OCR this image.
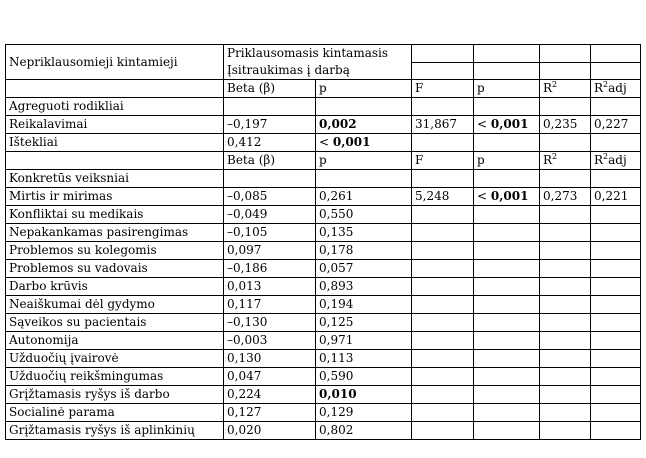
Nepriklausomieji kintamieji	Priklausomasis kintamasis					
	Įsitraukimas į darbą					
	Beta (β)	p	F	p	$R^2$	$R^2adj$
Agreguoti rodikliai						
Reikalavimai	–0,197	0,002	31,867	< 0,001	0,235	0,227
Ištekliai	0,412	< 0,001				
	Beta (β)	p	F	p	$R^2$	$R^2adj$
Konkretūs veiksniai						
Mirtis ir mirimas	–0,085	0,261	5,248	< 0,001	0,273	0,221
Konfliktai su medikais	–0,049	0,550				
Nepakankamas pasirengimas	–0,105	0,135				
Problemos su kolegomis	0,097	0,178				
Problemos su vadovais	–0,186	0,057				
Darbo krūvis	0,013	0,893				
Neaiškumai dėl gydymo	0,117	0,194				
Sąveikos su pacientais	–0,130	0,125				
Autonomija	–0,003	0,971				
Užduočių įvairovė	0,130	0,113				
Užduočių reikšmingumas	0,047	0,590				
Grįžtamasis ryšys iš darbo	0,224	0,010				
Socialinė parama	0,127	0,129				
Grįžtamasis ryšys iš aplinkinių	0,020	0,802				
